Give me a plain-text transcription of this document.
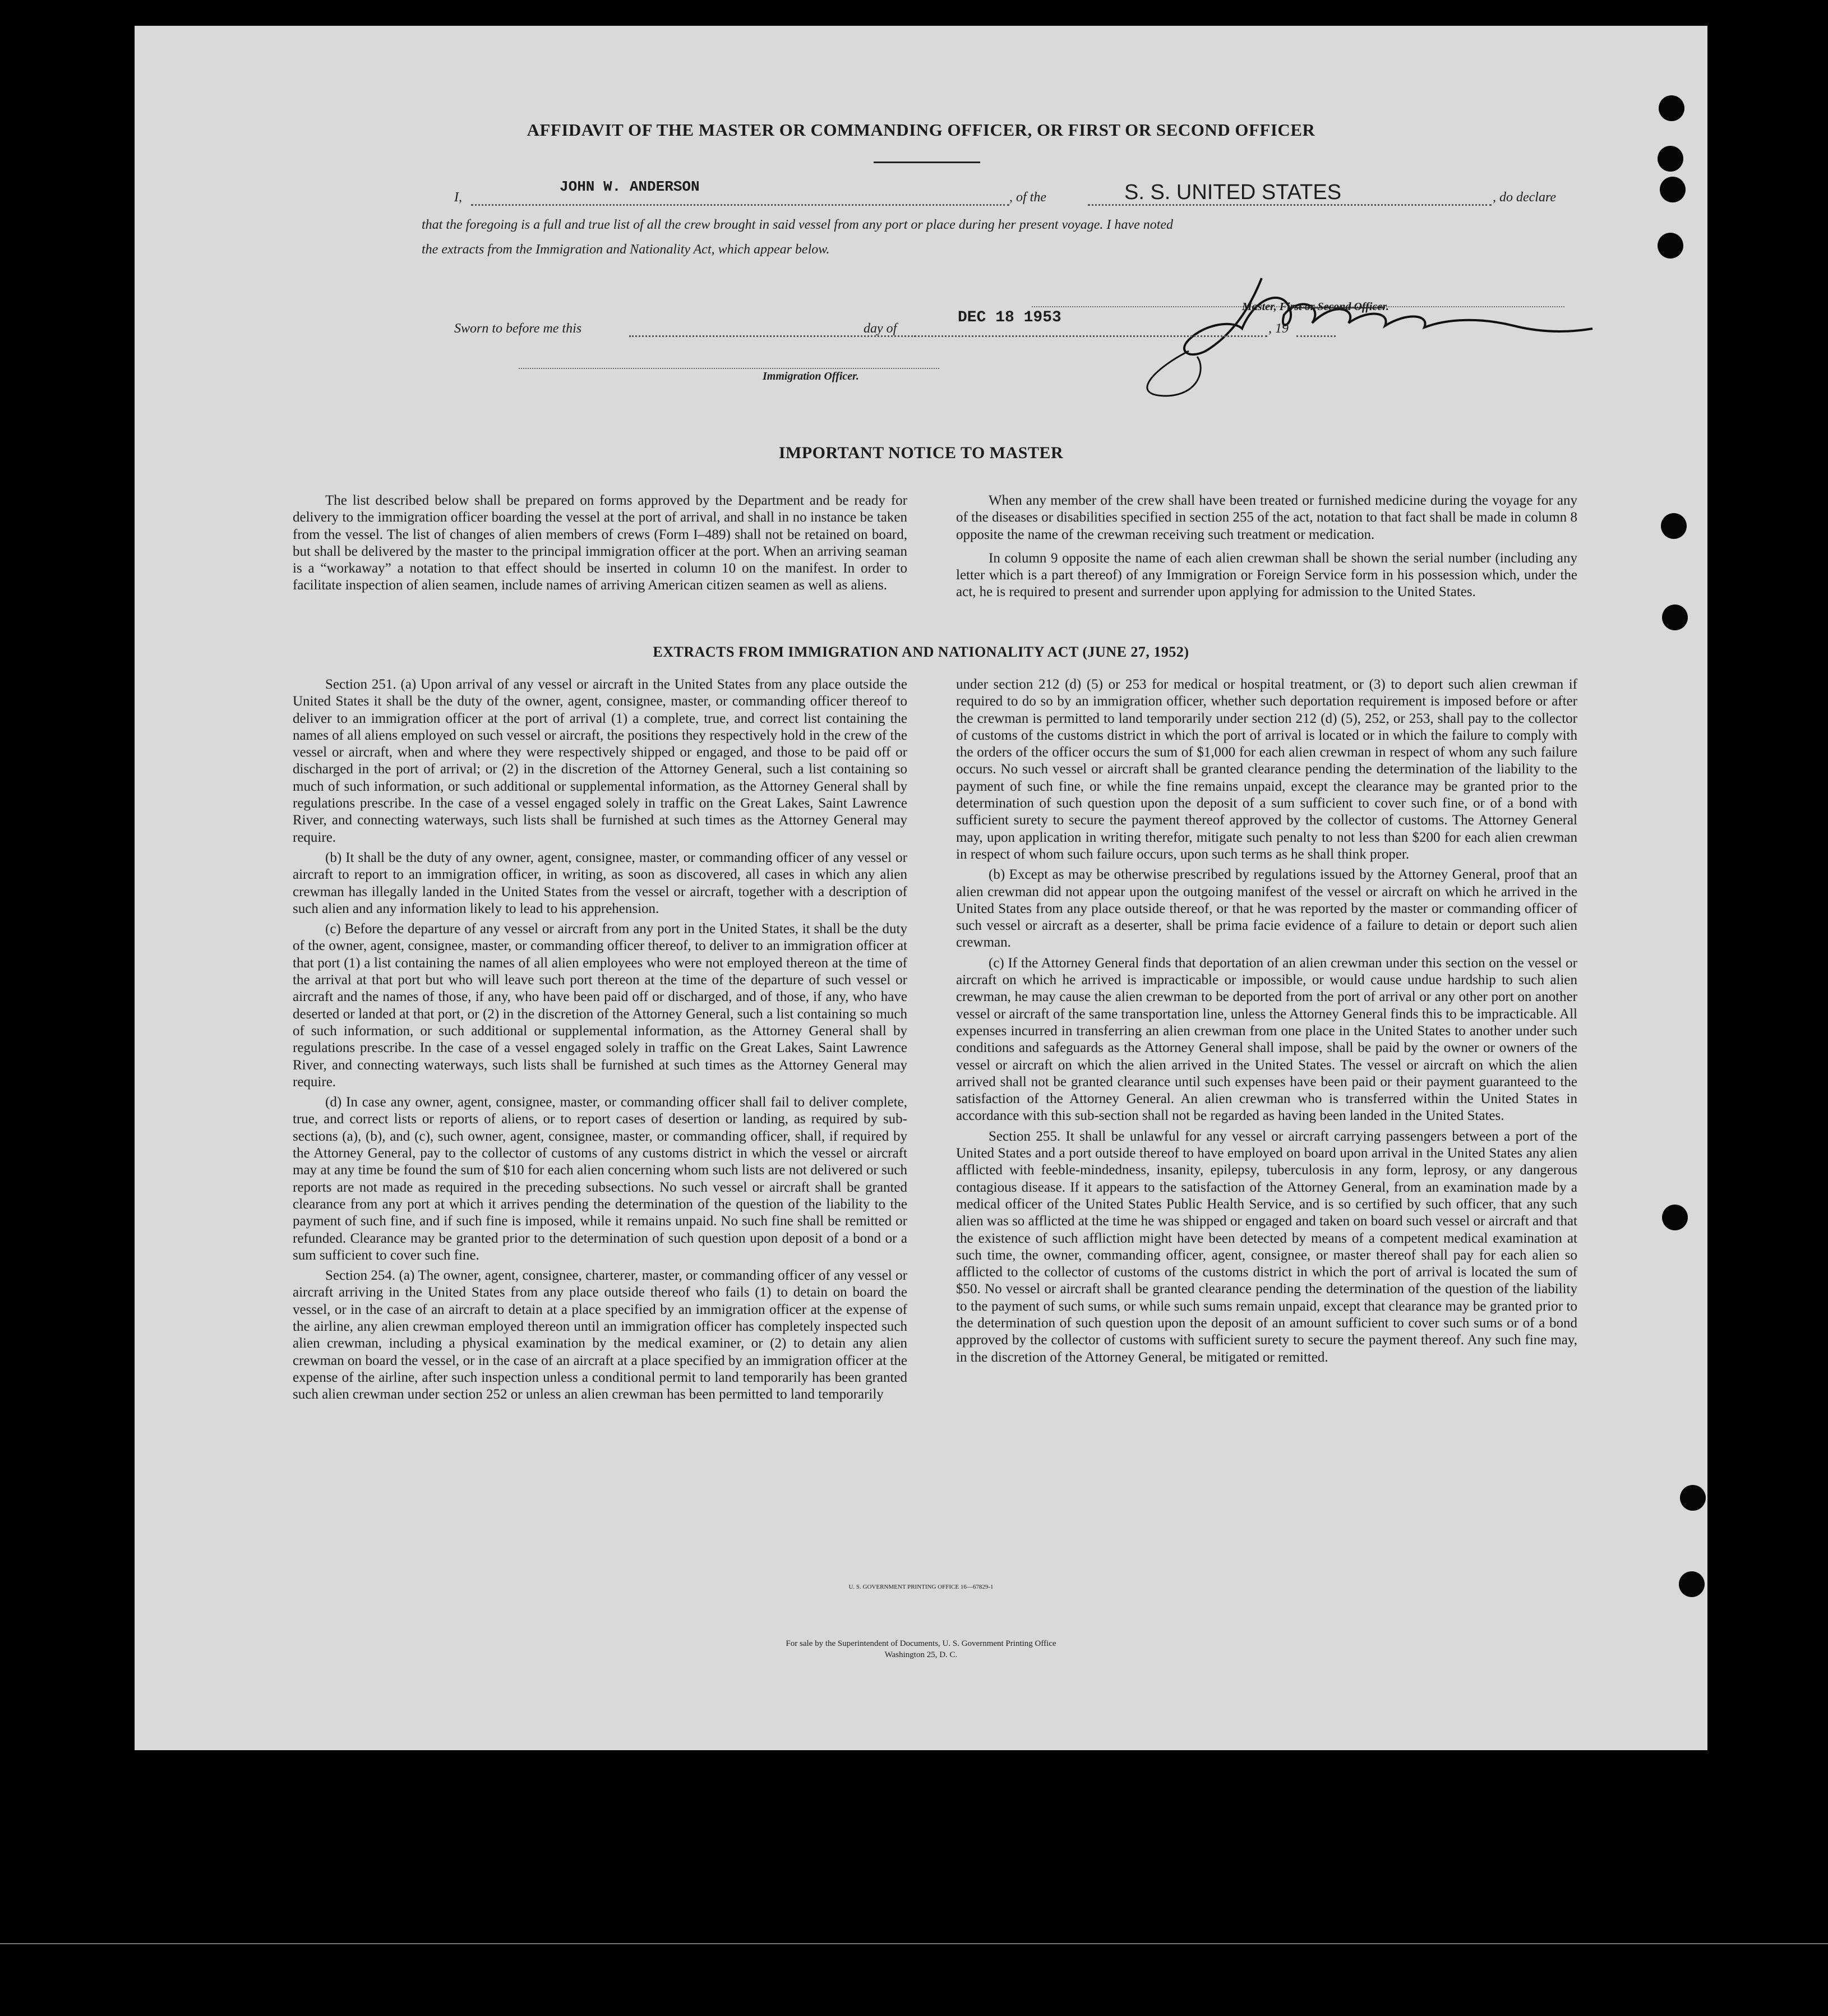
AFFIDAVIT OF THE MASTER OR COMMANDING OFFICER, OR FIRST OR SECOND OFFICER
I,
JOHN W. ANDERSON
, of the	S. S. UNITED STATES	, do declare
that the foregoing is a full and true list of all the crew brought in said vessel from any port or place during her present voyage. I have noted
the extracts from the Immigration and Nationality Act, which appear below.
Master, First or Second Officer.
Sworn to before me this	day of
DEC 18 1953
, 19
Immigration Officer.
IMPORTANT NOTICE TO MASTER

The list described below shall be prepared on forms approved by the Department and be ready for delivery to the immigration officer boarding the vessel at the port of arrival, and shall in no instance be taken from the vessel. The list of changes of alien members of crews (Form I–489) shall not be retained on board, but shall be delivered by the master to the principal immigration officer at the port. When an arriving seaman is a “workaway” a notation to that effect should be inserted in column 10 on the manifest. In order to facilitate inspection of alien seamen, include names of arriving American citizen seamen as well as aliens.

When any member of the crew shall have been treated or furnished medicine during the voyage for any of the diseases or disabilities specified in section 255 of the act, notation to that fact shall be made in column 8 opposite the name of the crewman receiving such treatment or medication.

In column 9 opposite the name of each alien crewman shall be shown the serial number (including any letter which is a part thereof) of any Immigration or Foreign Service form in his possession which, under the act, he is required to present and surrender upon applying for admission to the United States.

EXTRACTS FROM IMMIGRATION AND NATIONALITY ACT (JUNE 27, 1952)

Section 251. (a) Upon arrival of any vessel or aircraft in the United States from any place outside the United States it shall be the duty of the owner, agent, consignee, master, or commanding officer thereof to deliver to an immigration officer at the port of arrival (1) a complete, true, and correct list containing the names of all aliens employed on such vessel or aircraft, the positions they respectively hold in the crew of the vessel or aircraft, when and where they were respectively shipped or engaged, and those to be paid off or discharged in the port of arrival; or (2) in the discretion of the Attorney General, such a list containing so much of such information, or such additional or supplemental information, as the Attorney General shall by regulations prescribe. In the case of a vessel engaged solely in traffic on the Great Lakes, Saint Lawrence River, and connecting waterways, such lists shall be furnished at such times as the Attorney General may require.

(b) It shall be the duty of any owner, agent, consignee, master, or commanding officer of any vessel or aircraft to report to an immigration officer, in writing, as soon as discovered, all cases in which any alien crewman has illegally landed in the United States from the vessel or aircraft, together with a description of such alien and any information likely to lead to his apprehension.

(c) Before the departure of any vessel or aircraft from any port in the United States, it shall be the duty of the owner, agent, consignee, master, or commanding officer thereof, to deliver to an immigration officer at that port (1) a list containing the names of all alien employees who were not employed thereon at the time of the arrival at that port but who will leave such port thereon at the time of the departure of such vessel or aircraft and the names of those, if any, who have been paid off or discharged, and of those, if any, who have deserted or landed at that port, or (2) in the discretion of the Attorney General, such a list containing so much of such information, or such additional or supplemental information, as the Attorney General shall by regulations prescribe. In the case of a vessel engaged solely in traffic on the Great Lakes, Saint Lawrence River, and connecting waterways, such lists shall be furnished at such times as the Attorney General may require.

(d) In case any owner, agent, consignee, master, or commanding officer shall fail to deliver complete, true, and correct lists or reports of aliens, or to report cases of desertion or landing, as required by sub-sections (a), (b), and (c), such owner, agent, consignee, master, or commanding officer, shall, if required by the Attorney General, pay to the collector of customs of any customs district in which the vessel or aircraft may at any time be found the sum of $10 for each alien concerning whom such lists are not delivered or such reports are not made as required in the preceding subsections. No such vessel or aircraft shall be granted clearance from any port at which it arrives pending the determination of the question of the liability to the payment of such fine, and if such fine is imposed, while it remains unpaid. No such fine shall be remitted or refunded. Clearance may be granted prior to the determination of such question upon deposit of a bond or a sum sufficient to cover such fine.

Section 254. (a) The owner, agent, consignee, charterer, master, or commanding officer of any vessel or aircraft arriving in the United States from any place outside thereof who fails (1) to detain on board the vessel, or in the case of an aircraft to detain at a place specified by an immigration officer at the expense of the airline, any alien crewman employed thereon until an immigration officer has completely inspected such alien crewman, including a physical examination by the medical examiner, or (2) to detain any alien crewman on board the vessel, or in the case of an aircraft at a place specified by an immigration officer at the expense of the airline, after such inspection unless a conditional permit to land temporarily has been granted such alien crewman under section 252 or unless an alien crewman has been permitted to land temporarily

under section 212 (d) (5) or 253 for medical or hospital treatment, or (3) to deport such alien crewman if required to do so by an immigration officer, whether such deportation requirement is imposed before or after the crewman is permitted to land temporarily under section 212 (d) (5), 252, or 253, shall pay to the collector of customs of the customs district in which the port of arrival is located or in which the failure to comply with the orders of the officer occurs the sum of $1,000 for each alien crewman in respect of whom any such failure occurs. No such vessel or aircraft shall be granted clearance pending the determination of the liability to the payment of such fine, or while the fine remains unpaid, except the clearance may be granted prior to the determination of such question upon the deposit of a sum sufficient to cover such fine, or of a bond with sufficient surety to secure the payment thereof approved by the collector of customs. The Attorney General may, upon application in writing therefor, mitigate such penalty to not less than $200 for each alien crewman in respect of whom such failure occurs, upon such terms as he shall think proper.

(b) Except as may be otherwise prescribed by regulations issued by the Attorney General, proof that an alien crewman did not appear upon the outgoing manifest of the vessel or aircraft on which he arrived in the United States from any place outside thereof, or that he was reported by the master or commanding officer of such vessel or aircraft as a deserter, shall be prima facie evidence of a failure to detain or deport such alien crewman.

(c) If the Attorney General finds that deportation of an alien crewman under this section on the vessel or aircraft on which he arrived is impracticable or impossible, or would cause undue hardship to such alien crewman, he may cause the alien crewman to be deported from the port of arrival or any other port on another vessel or aircraft of the same transportation line, unless the Attorney General finds this to be impracticable. All expenses incurred in transferring an alien crewman from one place in the United States to another under such conditions and safeguards as the Attorney General shall impose, shall be paid by the owner or owners of the vessel or aircraft on which the alien arrived in the United States. The vessel or aircraft on which the alien arrived shall not be granted clearance until such expenses have been paid or their payment guaranteed to the satisfaction of the Attorney General. An alien crewman who is transferred within the United States in accordance with this sub-section shall not be regarded as having been landed in the United States.

Section 255. It shall be unlawful for any vessel or aircraft carrying passengers between a port of the United States and a port outside thereof to have employed on board upon arrival in the United States any alien afflicted with feeble-mindedness, insanity, epilepsy, tuberculosis in any form, leprosy, or any dangerous contagious disease. If it appears to the satisfaction of the Attorney General, from an examination made by a medical officer of the United States Public Health Service, and is so certified by such officer, that any such alien was so afflicted at the time he was shipped or engaged and taken on board such vessel or aircraft and that the existence of such affliction might have been detected by means of a competent medical examination at such time, the owner, commanding officer, agent, consignee, or master thereof shall pay for each alien so afflicted to the collector of customs of the customs district in which the port of arrival is located the sum of $50. No vessel or aircraft shall be granted clearance pending the determination of the question of the liability to the payment of such sums, or while such sums remain unpaid, except that clearance may be granted prior to the determination of such question upon the deposit of an amount sufficient to cover such sums or of a bond approved by the collector of customs with sufficient surety to secure the payment thereof. Any such fine may, in the discretion of the Attorney General, be mitigated or remitted.

U. S. GOVERNMENT PRINTING OFFICE 16—67829-1
For sale by the Superintendent of Documents, U. S. Government Printing Office
Washington 25, D. C.
